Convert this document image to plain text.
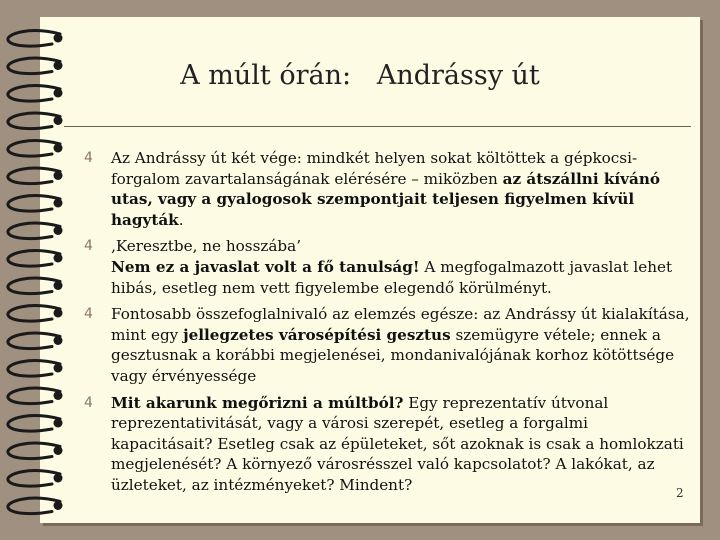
A múlt órán:   Andrássy út
4 Az Andrássy út két vége: mindkét helyen sokat költöttek a gépkocsi-forgalom zavartalanságának elérésére – miközben az átszállni kívánó utas, vagy a gyalogosok szempontjait teljesen figyelmen kívül hagyták.
4 ‚Keresztbe, ne hosszába’
Nem ez a javaslat volt a fő tanulság! A megfogalmazott javaslat lehet hibás, esetleg nem vett figyelembe elegendő körülményt.
4 Fontosabb összefoglalnivaló az elemzés egésze: az Andrássy út kialakítása, mint egy jellegzetes városépítési gesztus szemügyre vétele; ennek a gesztusnak a korábbi megjelenései, mondanivalójának korhoz kötöttsége vagy érvényessége
4 Mit akarunk megőrizni a múltból? Egy reprezentatív útvonal reprezentativitását, vagy a városi szerepét, esetleg a forgalmi kapacitásait? Esetleg csak az épületeket, sőt azoknak is csak a homlokzati megjelenését? A környező városrésszel való kapcsolatot? A lakókat, az üzleteket, az intézményeket? Mindent?	2
